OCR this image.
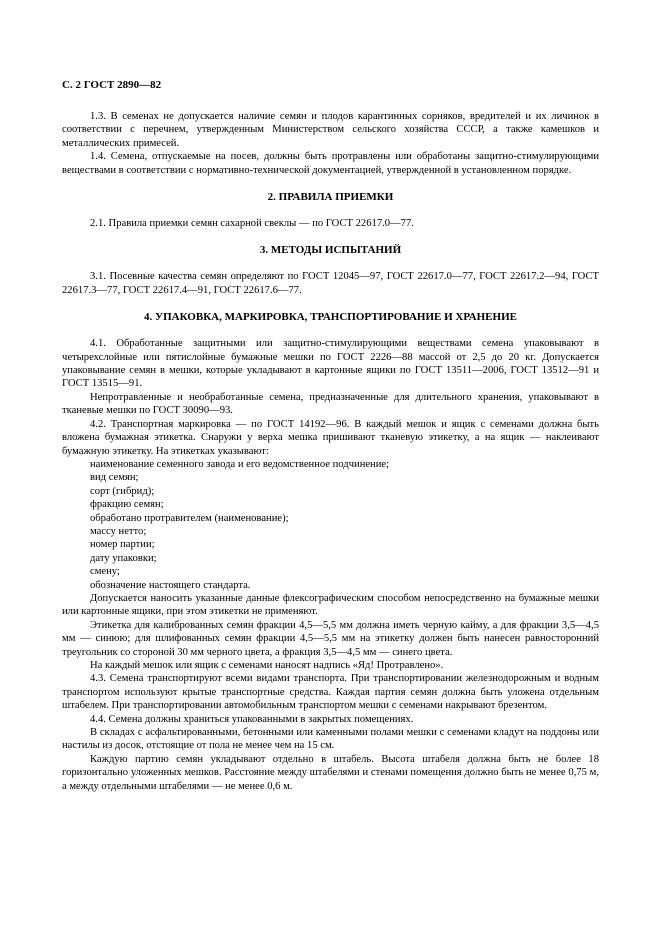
С. 2 ГОСТ 2890—82

1.3. В семенах не допускается наличие семян и плодов карантинных сорняков, вредителей и их личинок в соответствии с перечнем, утвержденным Министерством сельского хозяйства СССР, а также камешков и металлических примесей.

1.4. Семена, отпускаемые на посев, должны быть протравлены или обработаны защитно-стимулирующими веществами в соответствии с нормативно-технической документацией, утвержденной в установленном порядке.

2. ПРАВИЛА ПРИЕМКИ

2.1. Правила приемки семян сахарной свеклы — по ГОСТ 22617.0—77.

3. МЕТОДЫ ИСПЫТАНИЙ

3.1. Посевные качества семян определяют по ГОСТ 12045—97, ГОСТ 22617.0—77, ГОСТ 22617.2—94, ГОСТ 22617.3—77, ГОСТ 22617.4—91, ГОСТ 22617.6—77.

4. УПАКОВКА, МАРКИРОВКА, ТРАНСПОРТИРОВАНИЕ И ХРАНЕНИЕ

4.1. Обработанные защитными или защитно-стимулирующими веществами семена упаковывают в четырехслойные или пятислойные бумажные мешки по ГОСТ 2226—88 массой от 2,5 до 20 кг. Допускается упаковывание семян в мешки, которые укладывают в картонные ящики по ГОСТ 13511—2006, ГОСТ 13512—91 и ГОСТ 13515—91.

Непротравленные и необработанные семена, предназначенные для длительного хранения, упаковывают в тканевые мешки по ГОСТ 30090—93.

4.2. Транспортная маркировка — по ГОСТ 14192—96. В каждый мешок и ящик с семенами должна быть вложена бумажная этикетка. Снаружи у верха мешка пришивают тканевую этикетку, а на ящик — наклеивают бумажную этикетку. На этикетках указывают:

наименование семенного завода и его ведомственное подчинение;

вид семян;

сорт (гибрид);

фракцию семян;

обработано протравителем (наименование);

массу нетто;

номер партии;

дату упаковки;

смену;

обозначение настоящего стандарта.

Допускается наносить указанные данные флексографическим способом непосредственно на бумажные мешки или картонные ящики, при этом этикетки не применяют.

Этикетка для калиброванных семян фракции 4,5—5,5 мм должна иметь черную кайму, а для фракции 3,5—4,5 мм — синюю; для шлифованных семян фракции 4,5—5,5 мм на этикетку должен быть нанесен равносторонний треугольник со стороной 30 мм черного цвета, а фракция 3,5—4,5 мм — синего цвета.

На каждый мешок или ящик с семенами наносят надпись «Яд! Протравлено».

4.3. Семена транспортируют всеми видами транспорта. При транспортировании железнодорожным и водным транспортом используют крытые транспортные средства. Каждая партия семян должна быть уложена отдельным штабелем. При транспортировании автомобильным транспортом мешки с семенами накрывают брезентом.

4.4. Семена должны храниться упакованными в закрытых помещениях.

В складах с асфальтированными, бетонными или каменными полами мешки с семенами кладут на поддоны или настилы из досок, отстоящие от пола не менее чем на 15 см.

Каждую партию семян укладывают отдельно в штабель. Высота штабеля должна быть не более 18 горизонтально уложенных мешков. Расстояние между штабелями и стенами помещения должно быть не менее 0,75 м, а между отдельными штабелями — не менее 0,6 м.
